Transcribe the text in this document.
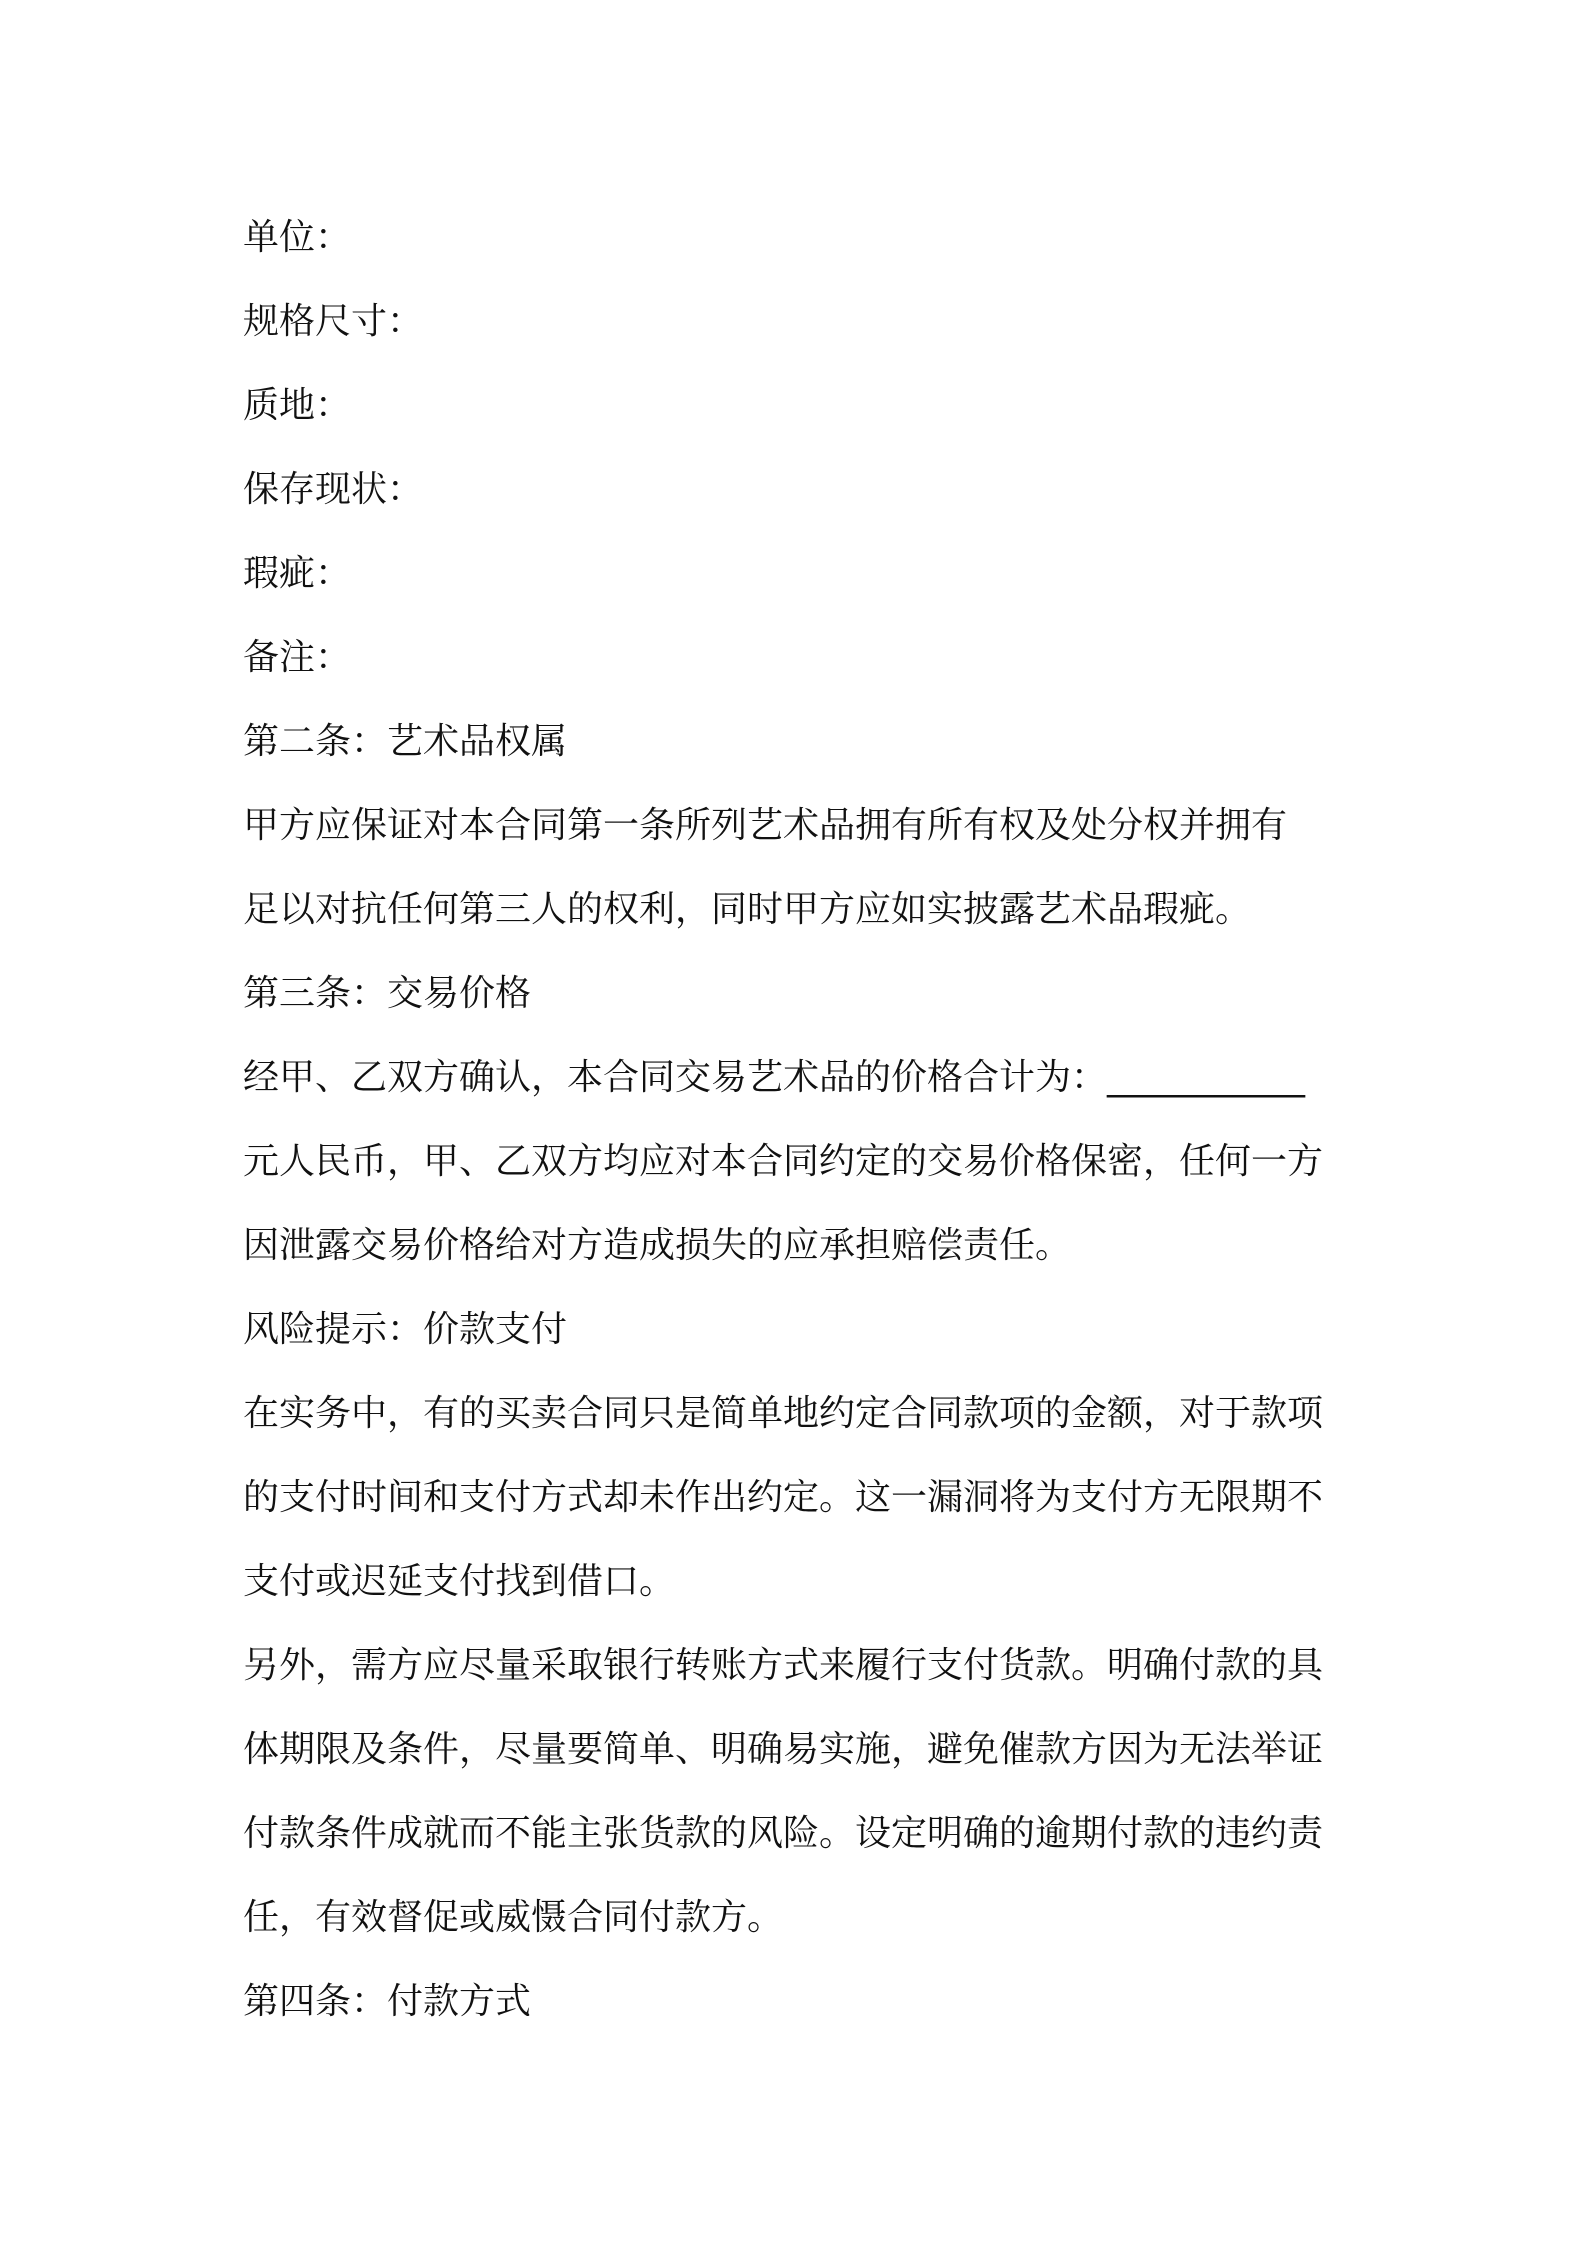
单位：
规格尺寸：
质地：
保存现状：
瑕疵：
备注：
第二条：艺术品权属
甲方应保证对本合同第一条所列艺术品拥有所有权及处分权并拥有
足以对抗任何第三人的权利，同时甲方应如实披露艺术品瑕疵。
第三条：交易价格
经甲、乙双方确认，本合同交易艺术品的价格合计为：___________
元人民币，甲、乙双方均应对本合同约定的交易价格保密，任何一方
因泄露交易价格给对方造成损失的应承担赔偿责任。
风险提示：价款支付
在实务中，有的买卖合同只是简单地约定合同款项的金额，对于款项
的支付时间和支付方式却未作出约定。这一漏洞将为支付方无限期不
支付或迟延支付找到借口。
另外，需方应尽量采取银行转账方式来履行支付货款。明确付款的具
体期限及条件，尽量要简单、明确易实施，避免催款方因为无法举证
付款条件成就而不能主张货款的风险。设定明确的逾期付款的违约责
任，有效督促或威慑合同付款方。
第四条：付款方式
